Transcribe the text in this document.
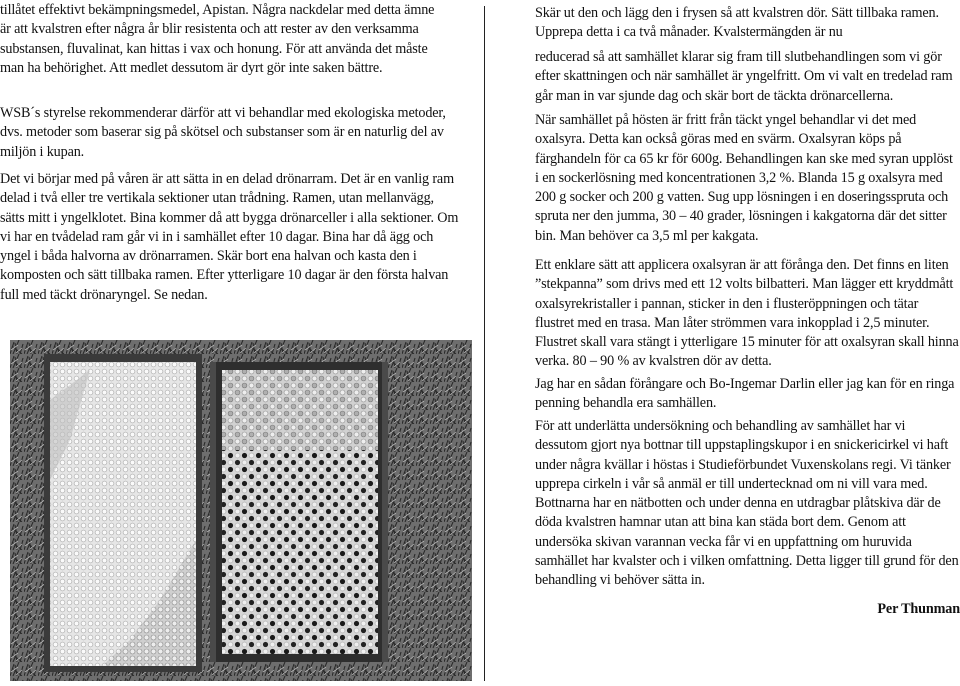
tillåtet effektivt bekämpningsmedel, Apistan. Några nackdelar med detta ämne är att kvalstren efter några år blir resistenta och att rester av den verksamma substansen, fluvalinat, kan hittas i vax och honung. För att använda det måste man ha behörighet. Att medlet dessutom är dyrt gör inte saken bättre.

WSB´s styrelse rekommenderar därför att vi behandlar med ekologiska metoder, dvs. metoder som baserar sig på skötsel och substanser som är en naturlig del av miljön i kupan.

Det vi börjar med på våren är att sätta in en delad drönarram. Det är en vanlig ram delad i två eller tre vertikala sektioner utan trådning. Ramen, utan mellanvägg, sätts mitt i yngelklotet. Bina kommer då att bygga drönarceller i alla sektioner. Om vi har en tvådelad ram går vi in i samhället efter 10 dagar. Bina har då ägg och yngel i båda halvorna av drönarramen. Skär bort ena halvan och kasta den i komposten och sätt tillbaka ramen. Efter ytterligare 10 dagar är den första halvan full med täckt drönaryngel. Se nedan.

Skär ut den och lägg den i frysen så att kvalstren dör. Sätt tillbaka ramen. Upprepa detta i ca två månader. Kvalstermängden är nu

reducerad så att samhället klarar sig fram till slutbehandlingen som vi gör efter skattningen och när samhället är yngelfritt. Om vi valt en tredelad ram går man in var sjunde dag och skär bort de täckta drönarcellerna.

När samhället på hösten är fritt från täckt yngel behandlar vi det med oxalsyra. Detta kan också göras med en svärm. Oxalsyran köps på färghandeln för ca 65 kr för 600g. Behandlingen kan ske med syran upplöst i en sockerlösning med koncentrationen 3,2 %. Blanda 15 g oxalsyra med 200 g socker och 200 g vatten. Sug upp lösningen i en doseringsspruta och spruta ner den jumma, 30 – 40 grader, lösningen i kakgatorna där det sitter bin. Man behöver ca 3,5 ml per kakgata.

Ett enklare sätt att applicera oxalsyran är att förånga den. Det finns en liten ”stekpanna” som drivs med ett 12 volts bilbatteri. Man lägger ett kryddmått oxalsyrekristaller i pannan, sticker in den i flusteröppningen och tätar flustret med en trasa. Man låter strömmen vara inkopplad i 2,5 minuter. Flustret skall vara stängt i ytterligare 15 minuter för att oxalsyran skall hinna verka. 80 – 90 % av kvalstren dör av detta.

Jag har en sådan förångare och Bo-Ingemar Darlin eller jag kan för en ringa penning behandla era samhällen.

För att underlätta undersökning och behandling av samhället har vi dessutom gjort nya bottnar till uppstaplingskupor i en snickericirkel vi haft under några kvällar i höstas i Studieförbundet Vuxenskolans regi. Vi tänker upprepa cirkeln i vår så anmäl er till undertecknad om ni vill vara med. Bottnarna har en nätbotten och under denna en utdragbar plåtskiva där de döda kvalstren hamnar utan att bina kan städa bort dem. Genom att undersöka skivan varannan vecka får vi en uppfattning om huruvida samhället har kvalster och i vilken omfattning. Detta ligger till grund för den behandling vi behöver sätta in.

Per Thunman
